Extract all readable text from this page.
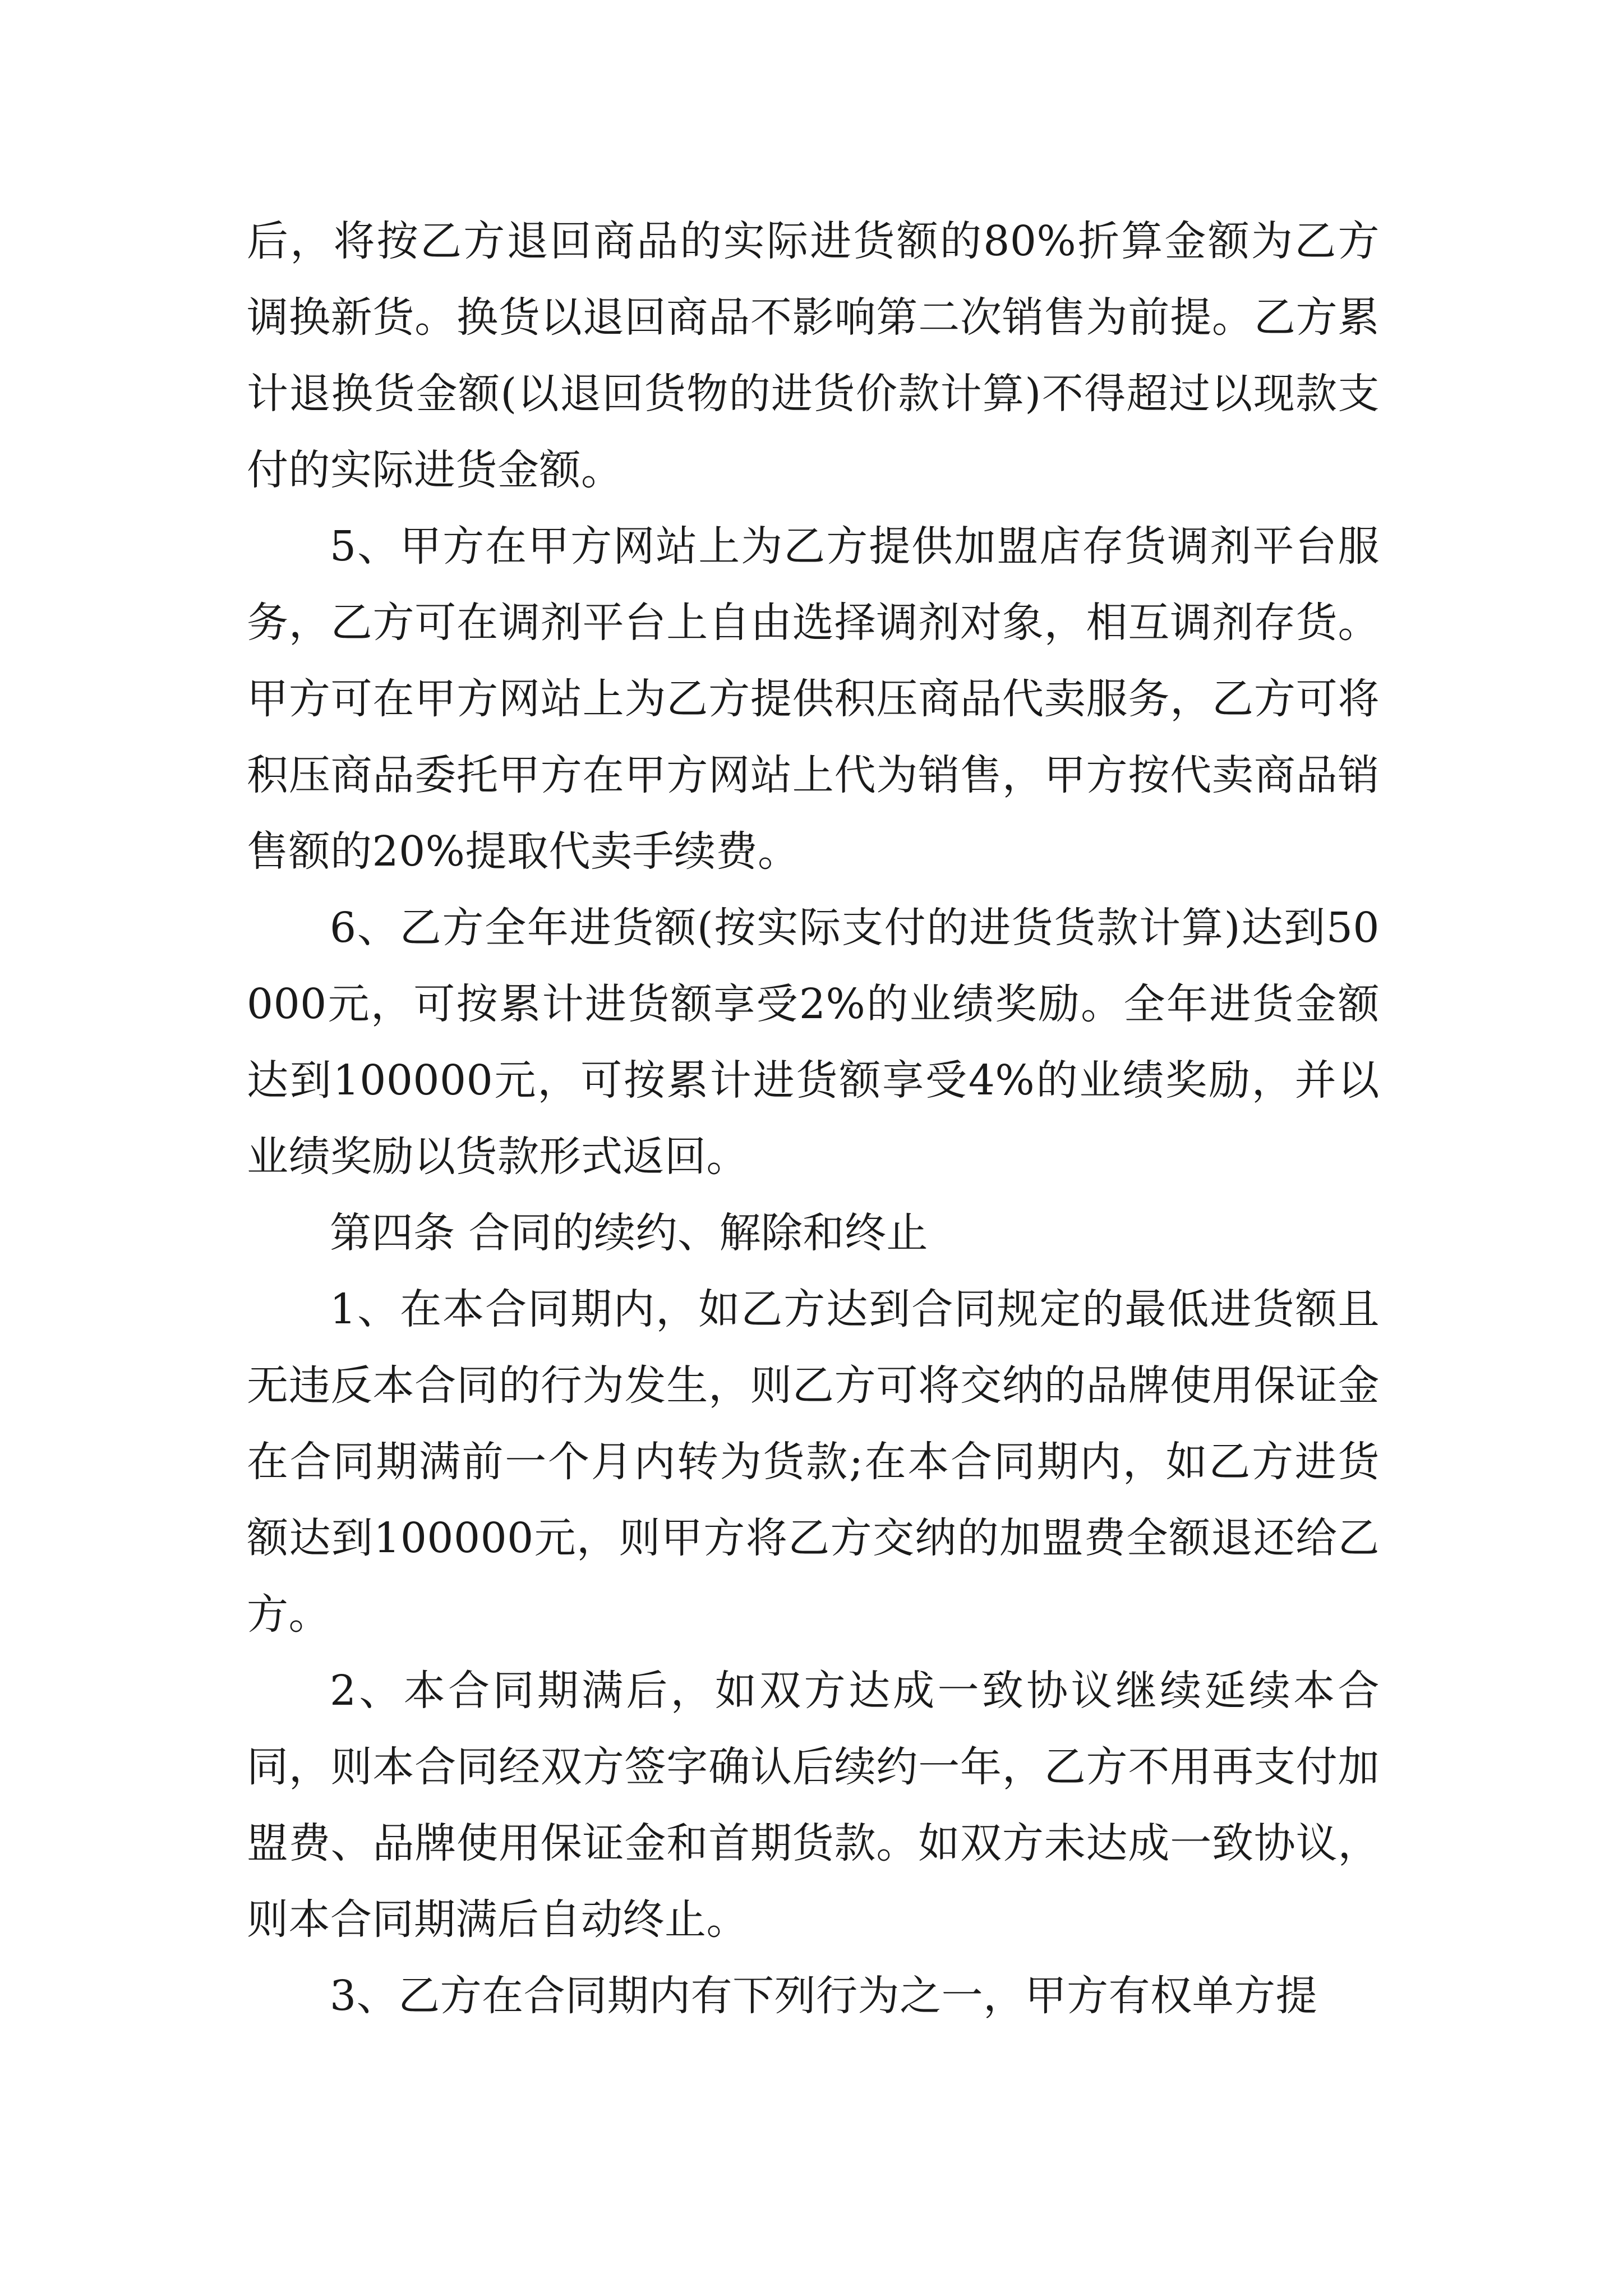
后，将按乙方退回商品的实际进货额的80%折算金额为乙方调换新货。换货以退回商品不影响第二次销售为前提。乙方累计退换货金额(以退回货物的进货价款计算)不得超过以现款支付的实际进货金额。

5、甲方在甲方网站上为乙方提供加盟店存货调剂平台服务，乙方可在调剂平台上自由选择调剂对象，相互调剂存货。甲方可在甲方网站上为乙方提供积压商品代卖服务，乙方可将积压商品委托甲方在甲方网站上代为销售，甲方按代卖商品销售额的20%提取代卖手续费。

6、乙方全年进货额(按实际支付的进货货款计算)达到50000元，可按累计进货额享受2%的业绩奖励。全年进货金额达到100000元，可按累计进货额享受4%的业绩奖励，并以业绩奖励以货款形式返回。

第四条 合同的续约、解除和终止

1、在本合同期内，如乙方达到合同规定的最低进货额且无违反本合同的行为发生，则乙方可将交纳的品牌使用保证金在合同期满前一个月内转为货款;在本合同期内，如乙方进货额达到100000元，则甲方将乙方交纳的加盟费全额退还给乙方。

2、本合同期满后，如双方达成一致协议继续延续本合同，则本合同经双方签字确认后续约一年，乙方不用再支付加盟费、品牌使用保证金和首期货款。如双方未达成一致协议，则本合同期满后自动终止。

3、乙方在合同期内有下列行为之一，甲方有权单方提
